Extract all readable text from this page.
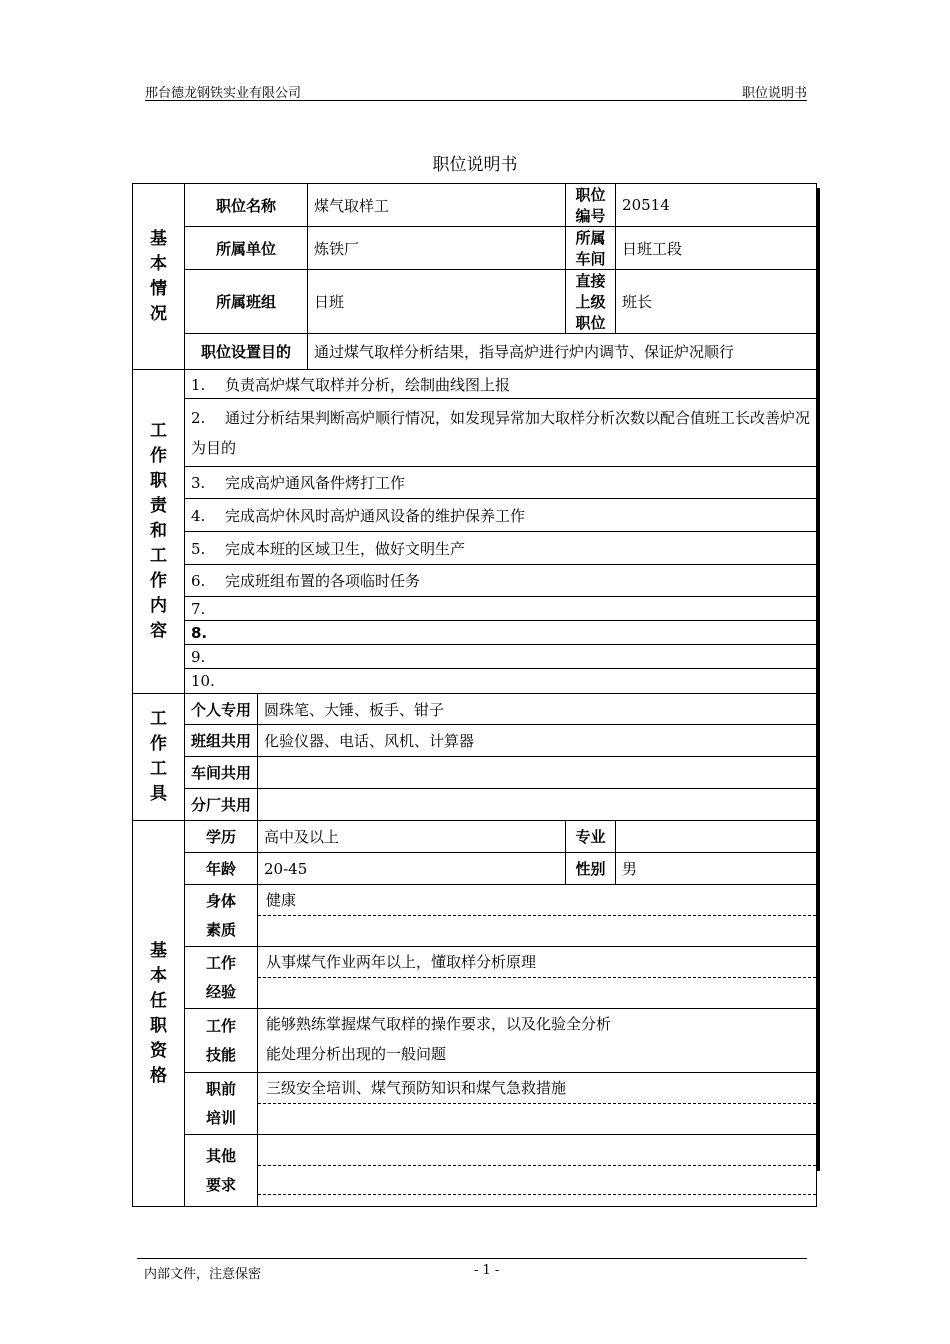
邢台德龙钢铁实业有限公司	职位说明书
职位说明书
基本情况	职位名称		煤气取样工	职位编号	20514
	所属单位		炼铁厂	所属车间	日班工段
	所属班组		日班	直接上级职位	班长
	职位设置目的		通过煤气取样分析结果，指导高炉进行炉内调节、保证炉况顺行		

工作职责和工作内容	1. 负责高炉煤气取样并分析，绘制曲线图上报				
	2. 通过分析结果判断高炉顺行情况，如发现异常加大取样分析次数以配合值班工长改善炉况为目的				
	3. 完成高炉通风备件烤打工作				
	4. 完成高炉休风时高炉通风设备的维护保养工作				
	5. 完成本班的区域卫生，做好文明生产				
	6. 完成班组布置的各项临时任务				
	7.				
	8.				
	9.				
	10.				

工作工具	个人专用	圆珠笔、大锤、板手、钳子			
	班组共用	化验仪器、电话、风机、计算器			
	车间共用				
	分厂共用				

基本任职资格	学历	高中及以上		专业	
	年龄	20-45		性别	男

	身体素质	健康			

	工作经验	从事煤气作业两年以上，懂取样分析原理			

	工作技能	能够熟练掌握煤气取样的操作要求，以及化验全分析
能处理分析出现的一般问题			

	职前培训	三级安全培训、煤气预防知识和煤气急救措施			

	其他要求				

内部文件，注意保密	- 1 -
